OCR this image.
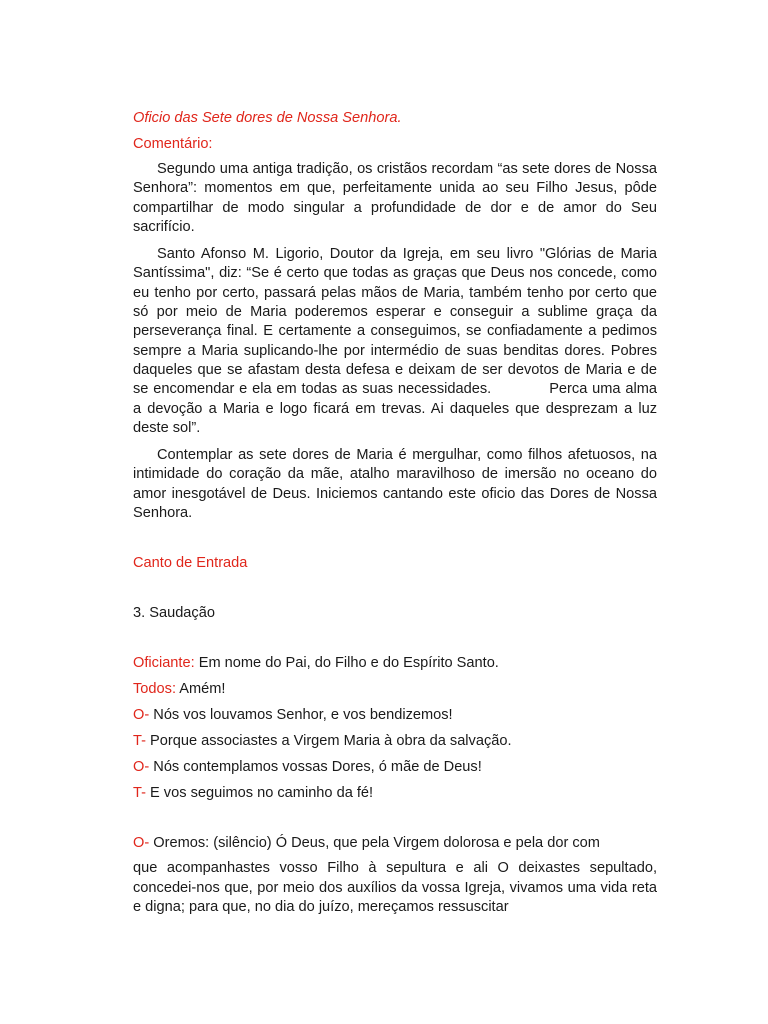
Oficio das Sete dores de Nossa Senhora.

Comentário:

Segundo uma antiga tradição, os cristãos recordam “as sete dores de Nossa Senhora”: momentos em que, perfeitamente unida ao seu Filho Jesus, pôde compartilhar de modo singular a profundidade de dor e de amor do Seu sacrifício.

Santo Afonso M. Ligorio, Doutor da Igreja, em seu livro "Glórias de Maria Santíssima", diz: “Se é certo que todas as graças que Deus nos concede, como eu tenho por certo, passará pelas mãos de Maria, também tenho por certo que só por meio de Maria poderemos esperar e conseguir a sublime graça da perseverança final. E certamente a conseguimos, se confiadamente a pedimos sempre a Maria suplicando-lhe por intermédio de suas benditas dores. Pobres daqueles que se afastam desta defesa e deixam de ser devotos de Maria e de se encomendar e ela em todas as suas necessidades.	Perca uma alma a devoção a Maria e logo ficará em trevas. Ai daqueles que desprezam a luz deste sol”.

Contemplar as sete dores de Maria é mergulhar, como filhos afetuosos, na intimidade do coração da mãe, atalho maravilhoso de imersão no oceano do amor inesgotável de Deus. Iniciemos cantando este oficio das Dores de Nossa Senhora.

Canto de Entrada

3. Saudação

Oficiante: Em nome do Pai, do Filho e do Espírito Santo.

Todos: Amém!

O- Nós vos louvamos Senhor, e vos bendizemos!

T- Porque associastes a Virgem Maria à obra da salvação.

O- Nós contemplamos vossas Dores, ó mãe de Deus!

T- E vos seguimos no caminho da fé!

O- Oremos: (silêncio) Ó Deus, que pela Virgem dolorosa e pela dor com

que acompanhastes vosso Filho à sepultura e ali O deixastes sepultado, concedei-nos que, por meio dos auxílios da vossa Igreja, vivamos uma vida reta e digna; para que, no dia do juízo, mereçamos ressuscitar
